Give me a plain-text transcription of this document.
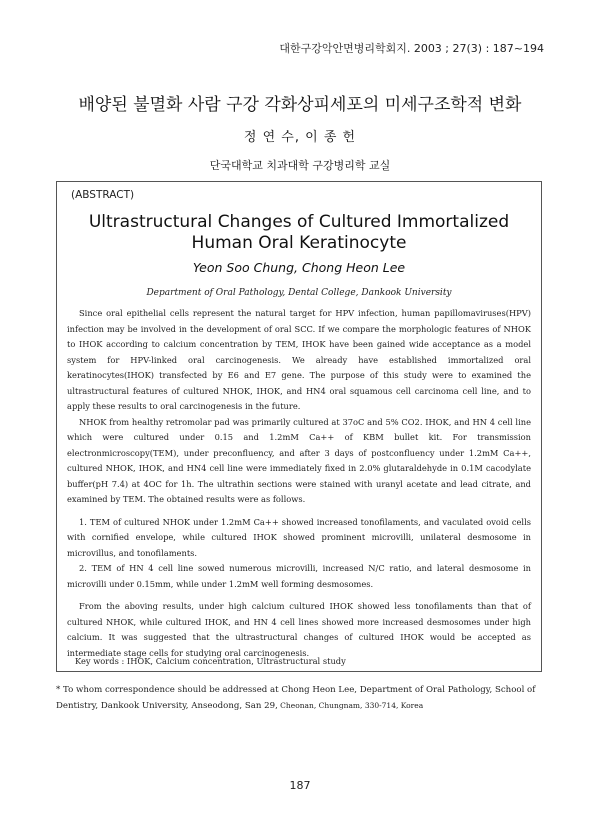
대한구강악안면병리학회지. 2003 ; 27(3) : 187~194
배양된 불멸화 사람 구강 각화상피세포의 미세구조학적 변화
정 연 수, 이 종 헌
단국대학교 치과대학 구강병리학 교실
(ABSTRACT)
Ultrastructural Changes of Cultured Immortalized Human Oral Keratinocyte
Yeon Soo Chung, Chong Heon Lee
Department of Oral Pathology, Dental College, Dankook University

Since oral epithelial cells represent the natural target for HPV infection, human papillomaviruses(HPV) infection may be involved in the development of oral SCC. If we compare the morphologic features of NHOK to IHOK according to calcium concentration by TEM, IHOK have been gained wide acceptance as a model system for HPV-linked oral carcinogenesis. We already have established immortalized oral keratinocytes(IHOK) transfected by E6 and E7 gene. The purpose of this study were to examined the ultrastructural features of cultured NHOK, IHOK, and HN4 oral squamous cell carcinoma cell line, and to apply these results to oral carcinogenesis in the future.

NHOK from healthy retromolar pad was primarily cultured at 37oC and 5% CO2. IHOK, and HN 4 cell line which were cultured under 0.15 and 1.2mM Ca++ of KBM bullet kit. For transmission electronmicroscopy(TEM), under preconfluency, and after 3 days of postconfluency under 1.2mM Ca++, cultured NHOK, IHOK, and HN4 cell line were immediately fixed in 2.0% glutaraldehyde in 0.1M cacodylate buffer(pH 7.4) at 4OC for 1h. The ultrathin sections were stained with uranyl acetate and lead citrate, and examined by TEM. The obtained results were as follows.

1. TEM of cultured NHOK under 1.2mM Ca++ showed increased tonofilaments, and vaculated ovoid cells with cornified envelope, while cultured IHOK showed prominent microvilli, unilateral desmosome in microvillus, and tonofilaments.

2. TEM of HN 4 cell line sowed numerous microvilli, increased N/C ratio, and lateral desmosome in microvilli under 0.15mm, while under 1.2mM well forming desmosomes.

From the aboving results, under high calcium cultured IHOK showed less tonofilaments than that of cultured NHOK, while cultured IHOK, and HN 4 cell lines showed more increased desmosomes under high calcium. It was suggested that the ultrastructural changes of cultured IHOK would be accepted as intermediate stage cells for studying oral carcinogenesis.

Key words : IHOK, Calcium concentration, Ultrastructural study
* To whom correspondence should be addressed at Chong Heon Lee, Department of Oral Pathology, School of Dentistry, Dankook University, Anseodong, San 29, Cheonan, Chungnam, 330-714, Korea
187
